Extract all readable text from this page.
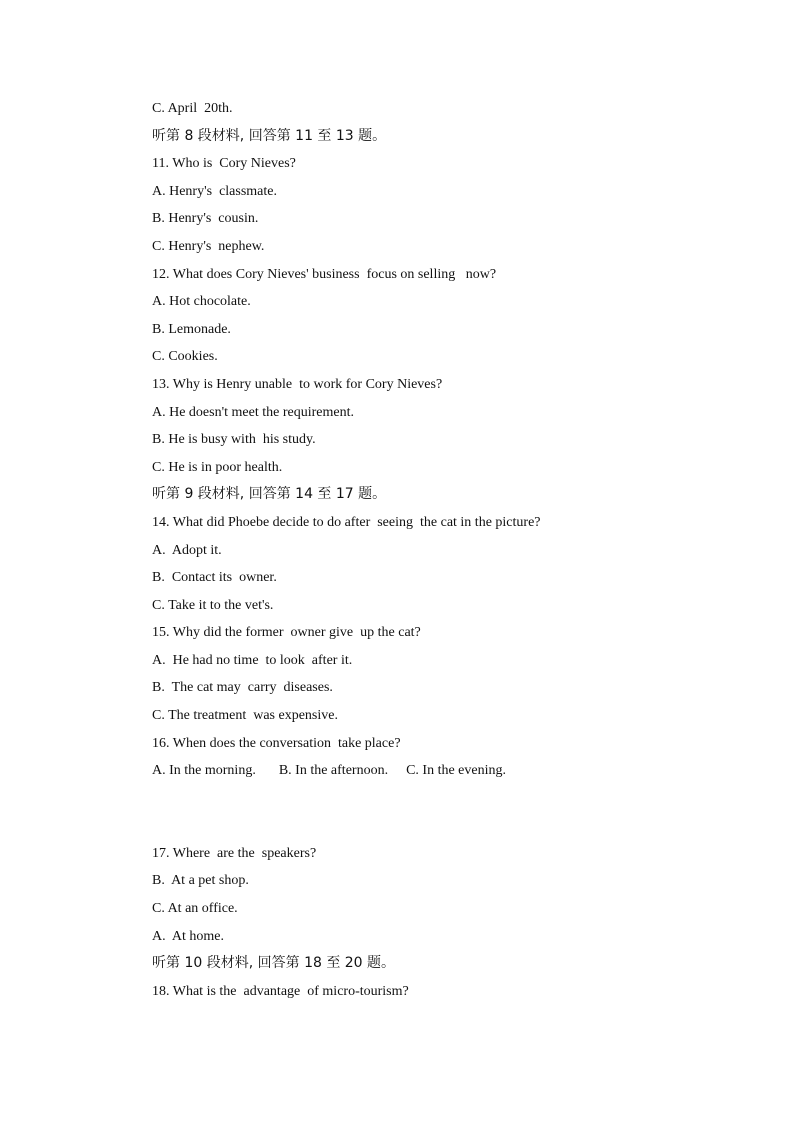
C. April  20th.
听第 8 段材料, 回答第 11 至 13 题。
11. Who is  Cory Nieves?
A. Henry's  classmate.
B. Henry's  cousin.
C. Henry's  nephew.
12. What does Cory Nieves' business  focus on selling   now?
A. Hot chocolate.
B. Lemonade.
C. Cookies.
13. Why is Henry unable  to work for Cory Nieves?
A. He doesn't meet the requirement.
B. He is busy with  his study.
C. He is in poor health.
听第 9 段材料, 回答第 14 至 17 题。
14. What did Phoebe decide to do after  seeing  the cat in the picture?
A.  Adopt it.
B.  Contact its  owner.
C. Take it to the vet's.
15. Why did the former  owner give  up the cat?
A.  He had no time  to look  after it.
B.  The cat may  carry  diseases.
C. The treatment  was expensive.
16. When does the conversation  take place?
A. In the morning. B. In the afternoon. C. In the evening.
17. Where  are the  speakers?
B.  At a pet shop.
C. At an office.
A.  At home.
听第 10 段材料, 回答第 18 至 20 题。
18. What is the  advantage  of micro-tourism?
